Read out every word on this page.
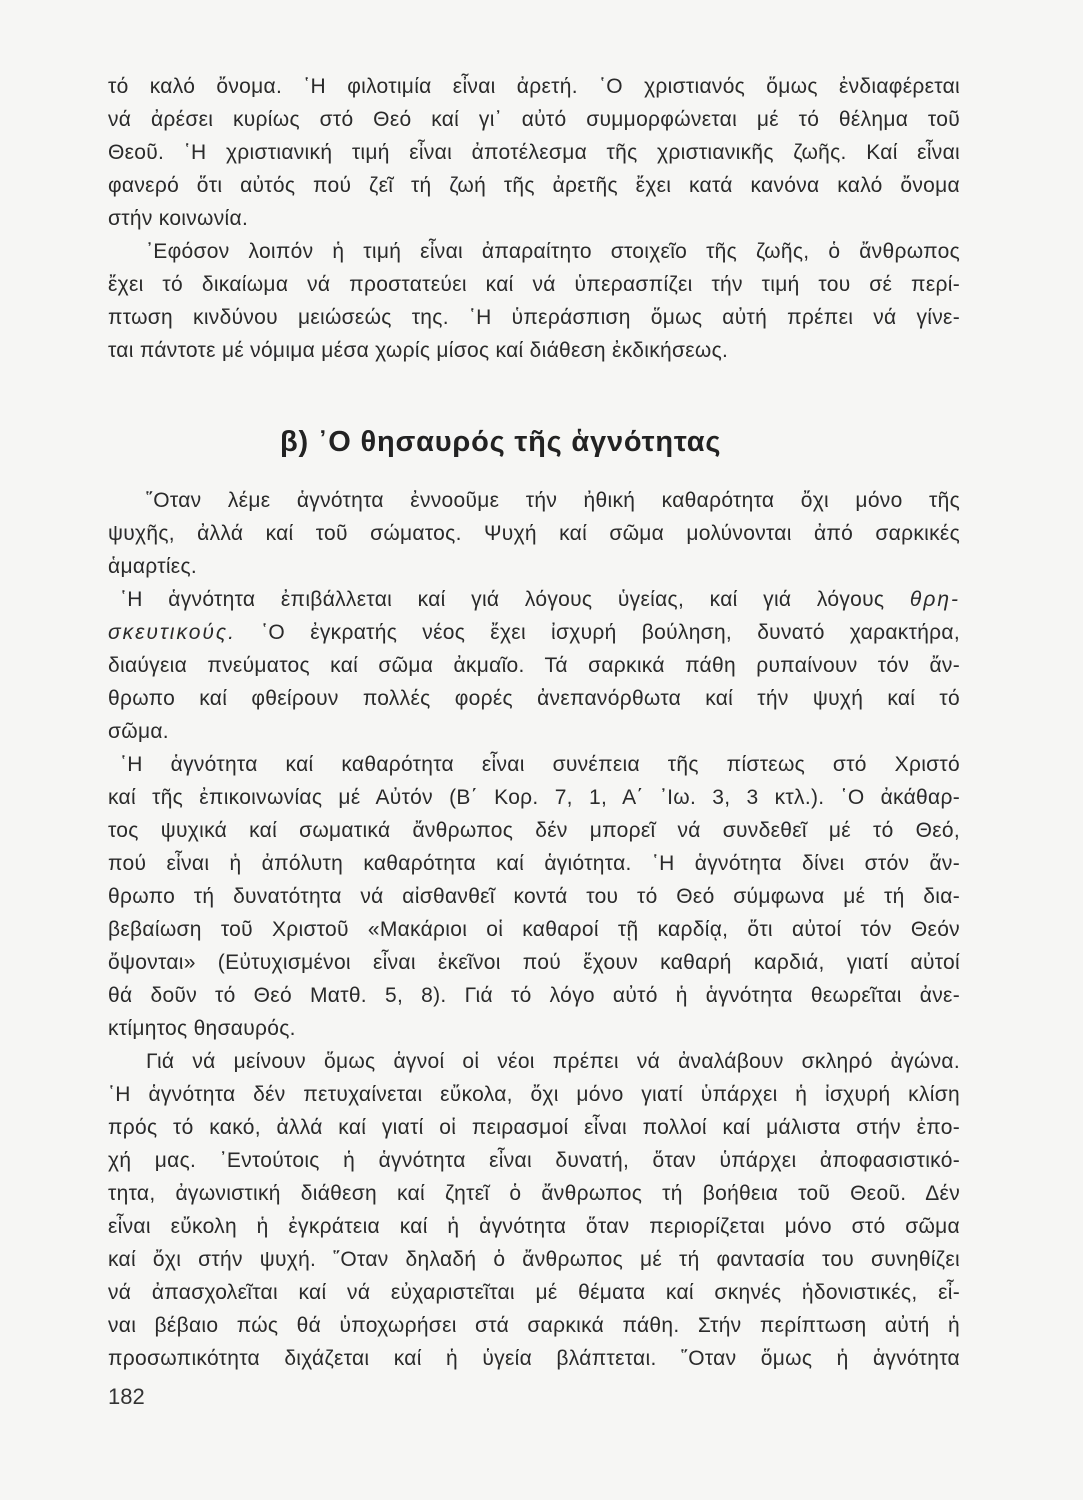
τό καλό ὄνομα. ῾Η φιλοτιμία εἶναι ἀρετή. ῾Ο χριστιανός ὅμως ἐνδιαφέρεται
νά ἀρέσει κυρίως στό Θεό καί γι᾿ αὐτό συμμορφώνεται μέ τό θέλημα τοῦ
Θεοῦ. ῾Η χριστιανική τιμή εἶναι ἀποτέλεσμα τῆς χριστιανικῆς ζωῆς. Καί εἶναι
φανερό ὅτι αὐτός πού ζεῖ τή ζωή τῆς ἀρετῆς ἔχει κατά κανόνα καλό ὄνομα
στήν κοινωνία.
᾿Εφόσον λοιπόν ἡ τιμή εἶναι ἀπαραίτητο στοιχεῖο τῆς ζωῆς, ὁ ἄνθρωπος
ἔχει τό δικαίωμα νά προστατεύει καί νά ὑπερασπίζει τήν τιμή του σέ περί-
πτωση κινδύνου μειώσεώς της. ῾Η ὑπεράσπιση ὅμως αὐτή πρέπει νά γίνε-
ται πάντοτε μέ νόμιμα μέσα χωρίς μίσος καί διάθεση ἐκδικήσεως.
β) ᾿Ο θησαυρός τῆς ἁγνότητας
῞Οταν λέμε ἁγνότητα ἐννοοῦμε τήν ἠθική καθαρότητα ὄχι μόνο τῆς
ψυχῆς, ἀλλά καί τοῦ σώματος. Ψυχή καί σῶμα μολύνονται ἀπό σαρκικές
ἁμαρτίες.
῾Η ἁγνότητα ἐπιβάλλεται καί γιά λόγους ὑγείας, καί γιά λόγους θρη-
σκευτικούς. ῾Ο ἐγκρατής νέος ἔχει ἰσχυρή βούληση, δυνατό χαρακτήρα,
διαύγεια πνεύματος καί σῶμα ἀκμαῖο. Τά σαρκικά πάθη ρυπαίνουν τόν ἄν-
θρωπο καί φθείρουν πολλές φορές ἀνεπανόρθωτα καί τήν ψυχή καί τό
σῶμα.
῾Η ἁγνότητα καί καθαρότητα εἶναι συνέπεια τῆς πίστεως στό Χριστό
καί τῆς ἐπικοινωνίας μέ Αὐτόν (Β΄ Κορ. 7, 1, Α΄ ᾿Ιω. 3, 3 κτλ.). ῾Ο ἀκάθαρ-
τος ψυχικά καί σωματικά ἄνθρωπος δέν μπορεῖ νά συνδεθεῖ μέ τό Θεό,
πού εἶναι ἡ ἀπόλυτη καθαρότητα καί ἁγιότητα. ῾Η ἁγνότητα δίνει στόν ἄν-
θρωπο τή δυνατότητα νά αἰσθανθεῖ κοντά του τό Θεό σύμφωνα μέ τή δια-
βεβαίωση τοῦ Χριστοῦ «Μακάριοι οἱ καθαροί τῇ καρδίᾳ, ὅτι αὐτοί τόν Θεόν
ὄψονται» (Εὐτυχισμένοι εἶναι ἐκεῖνοι πού ἔχουν καθαρή καρδιά, γιατί αὐτοί
θά δοῦν τό Θεό Ματθ. 5, 8). Γιά τό λόγο αὐτό ἡ ἁγνότητα θεωρεῖται ἀνε-
κτίμητος θησαυρός.
Γιά νά μείνουν ὅμως ἁγνοί οἱ νέοι πρέπει νά ἀναλάβουν σκληρό ἀγώνα.
῾Η ἁγνότητα δέν πετυχαίνεται εὔκολα, ὄχι μόνο γιατί ὑπάρχει ἡ ἰσχυρή κλίση
πρός τό κακό, ἀλλά καί γιατί οἱ πειρασμοί εἶναι πολλοί καί μάλιστα στήν ἐπο-
χή μας. ᾿Εντούτοις ἡ ἁγνότητα εἶναι δυνατή, ὅταν ὑπάρχει ἀποφασιστικό-
τητα, ἀγωνιστική διάθεση καί ζητεῖ ὁ ἄνθρωπος τή βοήθεια τοῦ Θεοῦ. Δέν
εἶναι εὔκολη ἡ ἐγκράτεια καί ἡ ἁγνότητα ὅταν περιορίζεται μόνο στό σῶμα
καί ὄχι στήν ψυχή. ῞Οταν δηλαδή ὁ ἄνθρωπος μέ τή φαντασία του συνηθίζει
νά ἀπασχολεῖται καί νά εὐχαριστεῖται μέ θέματα καί σκηνές ἡδονιστικές, εἶ-
ναι βέβαιο πώς θά ὑποχωρήσει στά σαρκικά πάθη. Στήν περίπτωση αὐτή ἡ
προσωπικότητα διχάζεται καί ἡ ὑγεία βλάπτεται. ῞Οταν ὅμως ἡ ἁγνότητα
182
